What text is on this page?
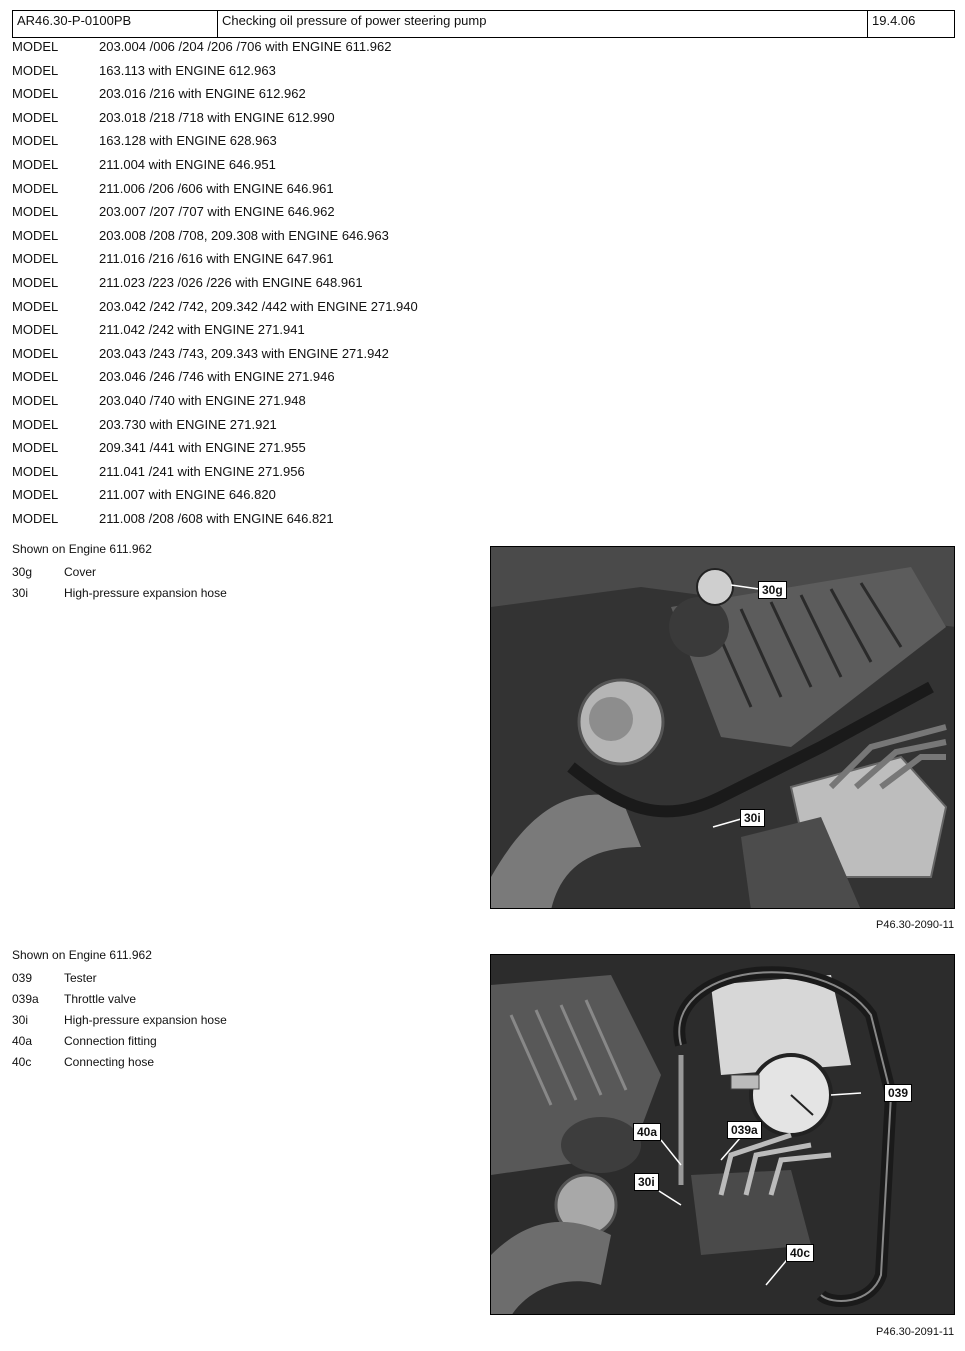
AR46.30-P-0100PB	Checking oil pressure of power steering pump	19.4.06
MODEL	203.004 /006 /204 /206 /706 with ENGINE 611.962
MODEL	163.113 with ENGINE 612.963
MODEL	203.016 /216 with ENGINE 612.962
MODEL	203.018 /218 /718 with ENGINE 612.990
MODEL	163.128 with ENGINE 628.963
MODEL	211.004 with ENGINE 646.951
MODEL	211.006 /206 /606 with ENGINE 646.961
MODEL	203.007 /207 /707 with ENGINE 646.962
MODEL	203.008 /208 /708, 209.308 with ENGINE 646.963
MODEL	211.016 /216 /616 with ENGINE 647.961
MODEL	211.023 /223 /026 /226 with ENGINE 648.961
MODEL	203.042 /242 /742, 209.342 /442 with ENGINE 271.940
MODEL	211.042 /242 with ENGINE 271.941
MODEL	203.043 /243 /743, 209.343 with ENGINE 271.942
MODEL	203.046 /246 /746 with ENGINE 271.946
MODEL	203.040 /740 with ENGINE 271.948
MODEL	203.730 with ENGINE 271.921
MODEL	209.341 /441 with ENGINE 271.955
MODEL	211.041 /241 with ENGINE 271.956
MODEL	211.007 with ENGINE 646.820
MODEL	211.008 /208 /608 with ENGINE 646.821
Shown on Engine 611.962
30g	Cover
30i	High-pressure expansion hose	30g
30i
P46.30-2090-11
Shown on Engine 611.962
039	Tester
039a	Throttle valve
30i	High-pressure expansion hose
40a	Connection fitting
40c	Connecting hose
039
40a	039a
30i
40c
P46.30-2091-11
